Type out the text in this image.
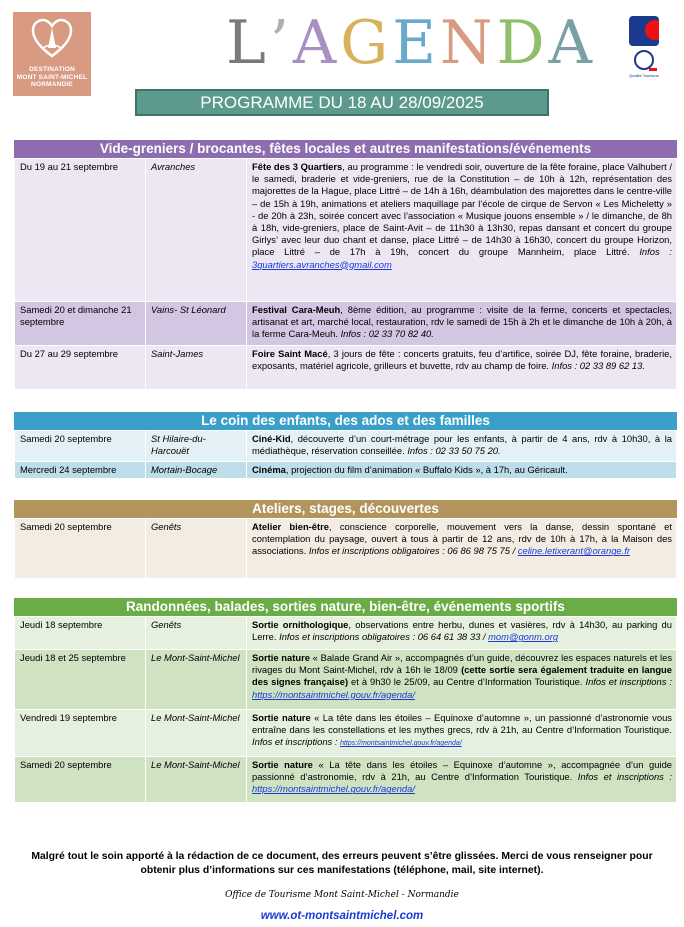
DESTINATION
MONT SAINT-MICHEL
NORMANDIE
L’AGENDA
PROGRAMME DU 18 AU 28/09/2025
Qualité Tourisme
Vide-greniers / brocantes, fêtes locales et autres manifestations/événements
Du 19 au 21 septembre	Avranches	Fête des 3 Quartiers, au programme : le vendredi soir, ouverture de la fête foraine, place Valhubert / le samedi, braderie et vide-greniers, rue de la Constitution – de 10h à 12h, représentation des majorettes de la Hague, place Littré – de 14h à 16h, déambulation des majorettes dans le centre-ville – de 15h à 19h, animations et ateliers maquillage par l’école de cirque de Servon « Les Micheletty » - de 20h à 23h, soirée concert avec l’association « Musique jouons ensemble » / le dimanche, de 8h à 18h, vide-greniers, place de Saint-Avit – de 11h30 à 13h30, repas dansant et concert du groupe Girlys’ avec leur duo chant et danse, place Littré – de 14h30 à 16h30, concert du groupe Horizon, place Littré – de 17h à 19h, concert du groupe Mannheim, place Littré. Infos : 3quartiers.avranches@gmail.com
Samedi 20 et dimanche 21 septembre	Vains- St Léonard	Festival Cara-Meuh, 8ème édition, au programme : visite de la ferme, concerts et spectacles, artisanat et art, marché local, restauration, rdv le samedi de 15h à 2h et le dimanche de 10h à 20h, à la ferme Cara-Meuh. Infos : 02 33 70 82 40.
Du 27 au 29 septembre	Saint-James	Foire Saint Macé, 3 jours de fête : concerts gratuits, feu d’artifice, soirée DJ, fête foraine, braderie, exposants, matériel agricole, grilleurs et buvette, rdv au champ de foire. Infos : 02 33 89 62 13.
Le coin des enfants, des ados et des familles
Samedi 20 septembre	St Hilaire-du-Harcouët	Ciné-Kid, découverte d’un court-métrage pour les enfants, à partir de 4 ans, rdv à 10h30, à la médiathèque, réservation conseillée. Infos : 02 33 50 75 20.
Mercredi 24 septembre	Mortain-Bocage	Cinéma, projection du film d’animation « Buffalo Kids », à 17h, au Géricault.
Ateliers, stages, découvertes
Samedi 20 septembre	Genêts	Atelier bien-être, conscience corporelle, mouvement vers la danse, dessin spontané et contemplation du paysage, ouvert à tous à partir de 12 ans, rdv de 10h à 17h, à la Maison des associations. Infos et inscriptions obligatoires : 06 86 98 75 75 / celine.letixerant@orange.fr
Randonnées, balades, sorties nature, bien-être, événements sportifs
Jeudi 18 septembre	Genêts	Sortie ornithologique, observations entre herbu, dunes et vasières, rdv à 14h30, au parking du Lerre. Infos et inscriptions obligatoires : 06 64 61 38 33 / mom@gonm.org
Jeudi 18 et 25 septembre	Le Mont-Saint-Michel	Sortie nature « Balade Grand Air », accompagnés d’un guide, découvrez les espaces naturels et les rivages du Mont Saint-Michel, rdv à 16h le 18/09 (cette sortie sera également traduite en langue des signes française) et à 9h30 le 25/09, au Centre d’Information Touristique. Infos et inscriptions : https://montsaintmichel.gouv.fr/agenda/
Vendredi 19 septembre	Le Mont-Saint-Michel	Sortie nature « La tête dans les étoiles – Equinoxe d’automne », un passionné d’astronomie vous entraîne dans les constellations et les mythes grecs, rdv à 21h, au Centre d’Information Touristique. Infos et inscriptions : https://montsaintmichel.gouv.fr/agenda/
Samedi 20 septembre	Le Mont-Saint-Michel	Sortie nature « La tête dans les étoiles – Equinoxe d’automne », accompagnée d’un guide passionné d’astronomie, rdv à 21h, au Centre d’Information Touristique. Infos et inscriptions : https://montsaintmichel.gouv.fr/agenda/
Malgré tout le soin apporté à la rédaction de ce document, des erreurs peuvent s’être glissées. Merci de vous renseigner pour obtenir plus d’informations sur ces manifestations (téléphone, mail, site internet).
Office de Tourisme Mont Saint-Michel - Normandie
www.ot-montsaintmichel.com
